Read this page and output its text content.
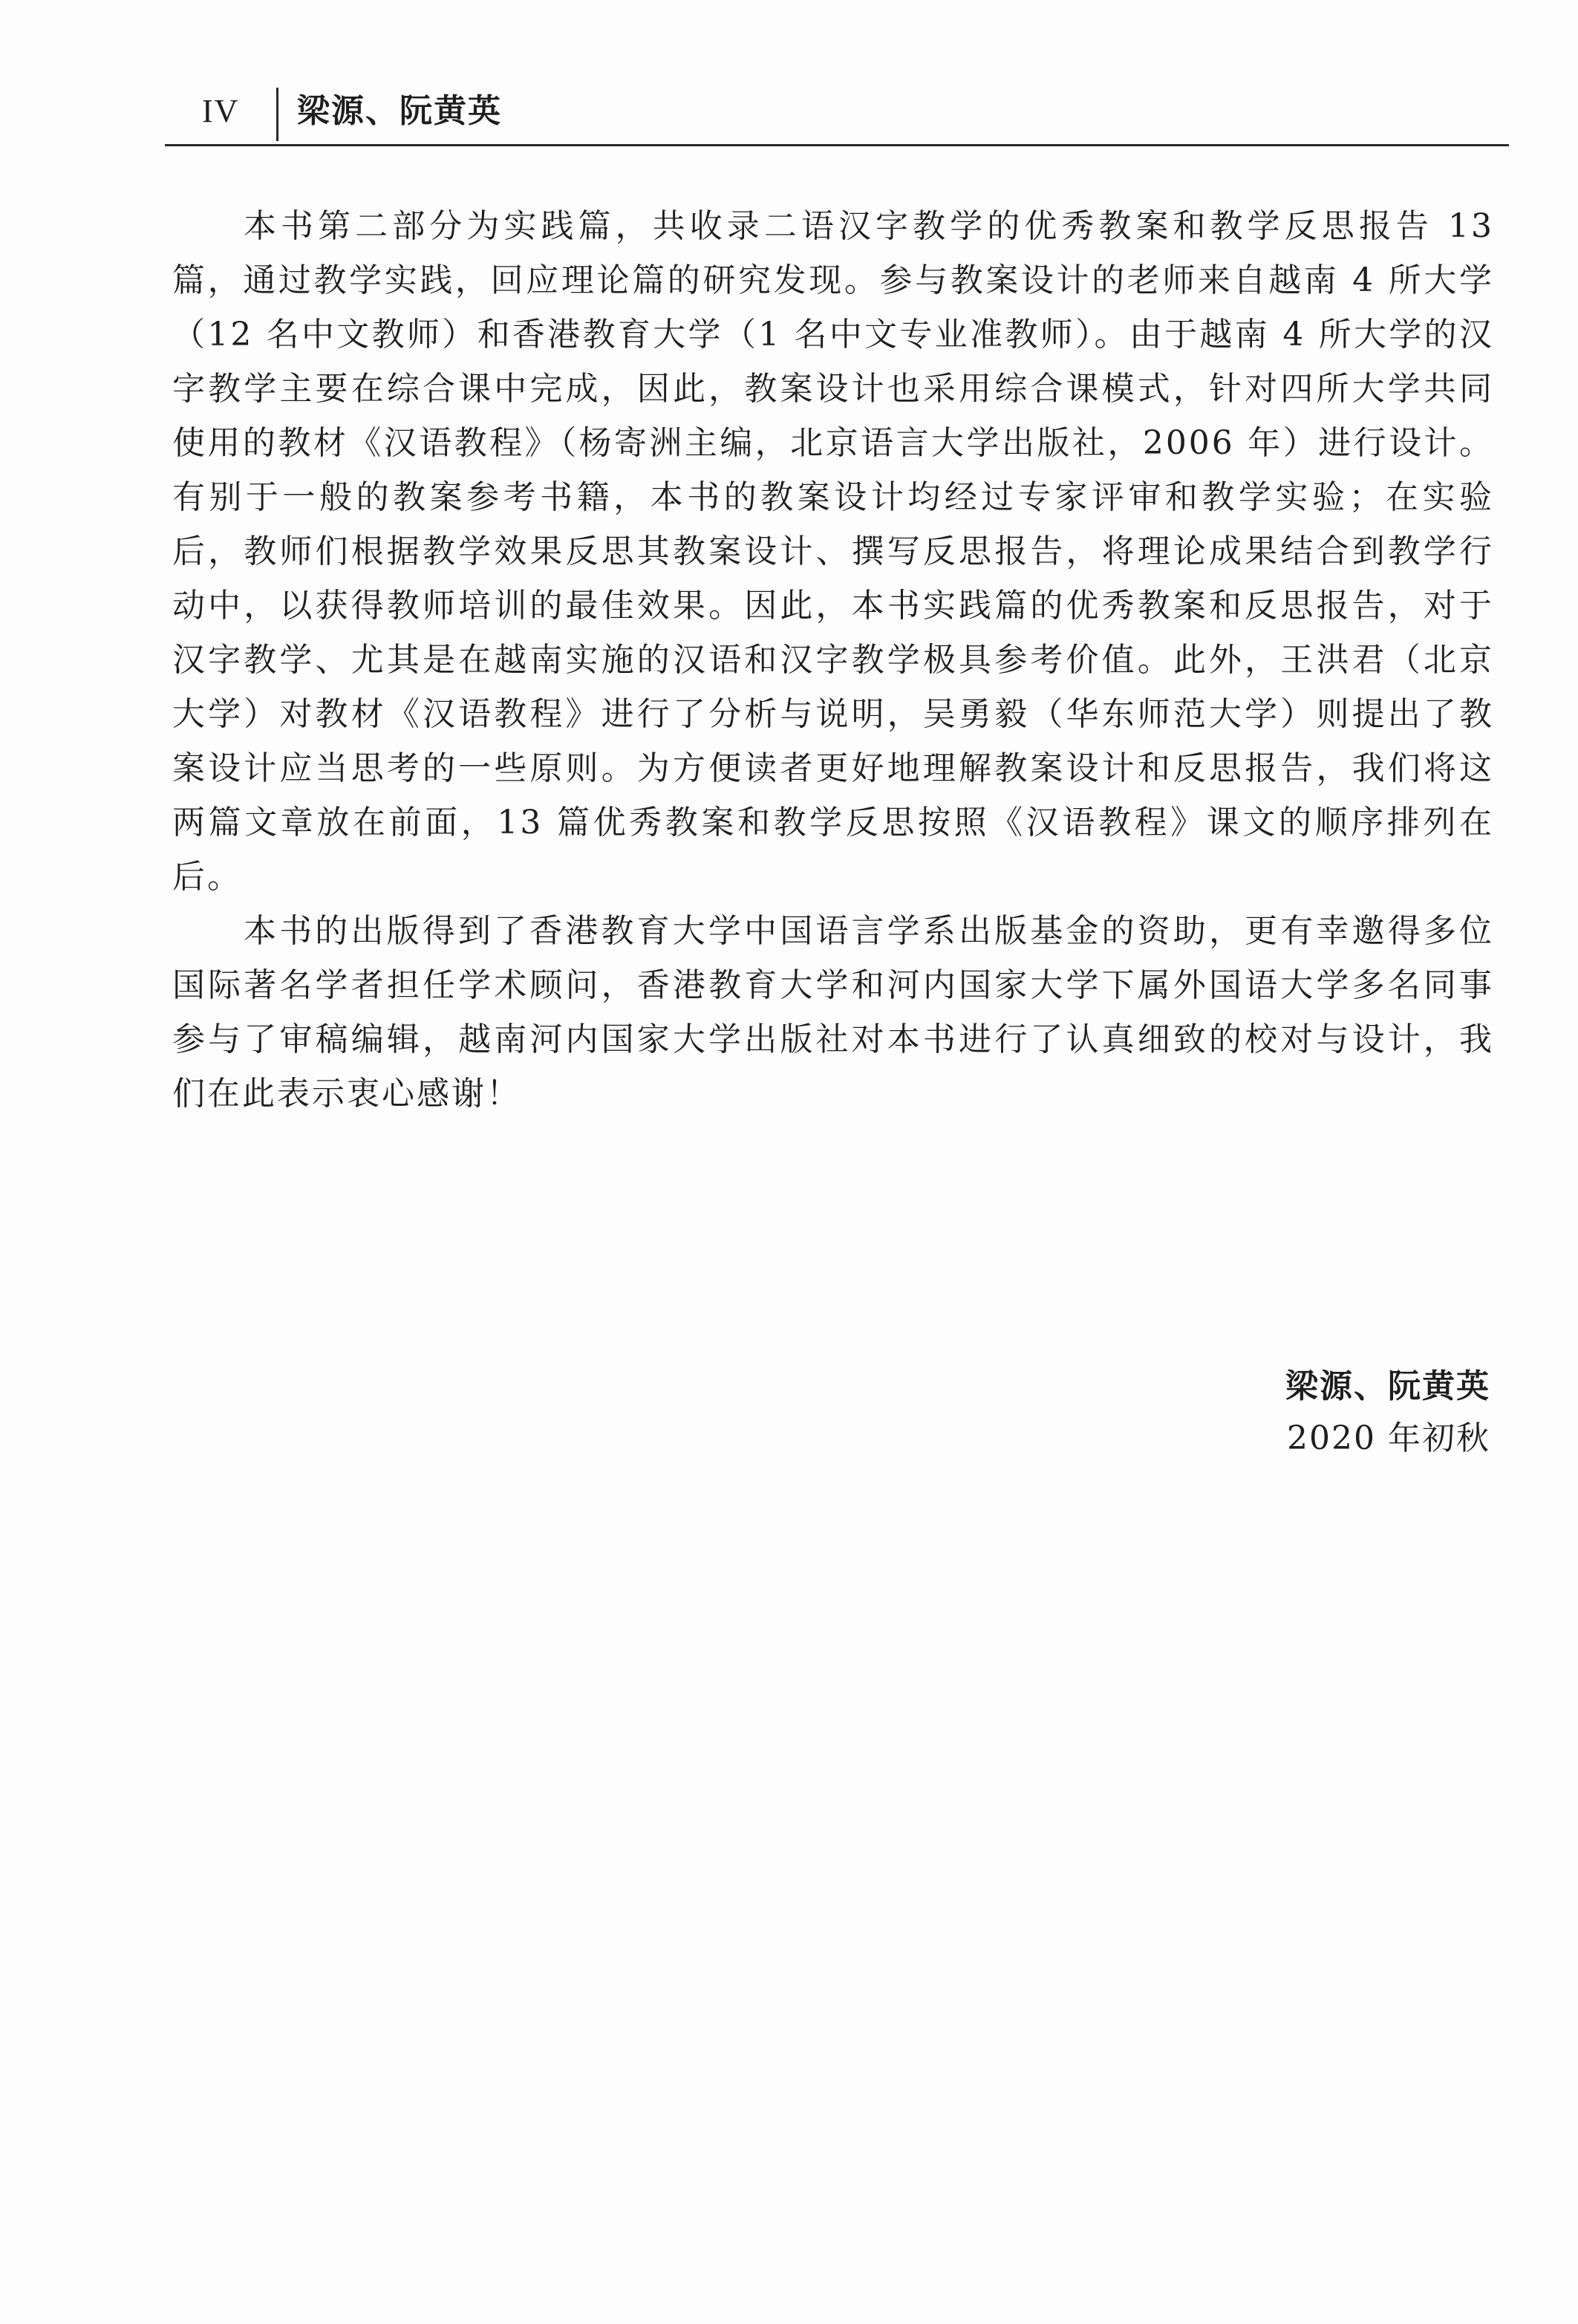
IV 梁源、阮黄英

本书第二部分为实践篇，共收录二语汉字教学的优秀教案和教学反思报告 13 篇，通过教学实践，回应理论篇的研究发现。参与教案设计的老师来自越南 4 所大学（12 名中文教师）和香港教育大学（1 名中文专业准教师）。由于越南 4 所大学的汉字教学主要在综合课中完成，因此，教案设计也采用综合课模式，针对四所大学共同使用的教材《汉语教程》（杨寄洲主编，北京语言大学出版社，2006 年）进行设计。有别于一般的教案参考书籍，本书的教案设计均经过专家评审和教学实验；在实验后，教师们根据教学效果反思其教案设计、撰写反思报告，将理论成果结合到教学行动中，以获得教师培训的最佳效果。因此，本书实践篇的优秀教案和反思报告，对于汉字教学、尤其是在越南实施的汉语和汉字教学极具参考价值。此外，王洪君（北京大学）对教材《汉语教程》进行了分析与说明，吴勇毅（华东师范大学）则提出了教案设计应当思考的一些原则。为方便读者更好地理解教案设计和反思报告，我们将这两篇文章放在前面，13 篇优秀教案和教学反思按照《汉语教程》课文的顺序排列在后。

本书的出版得到了香港教育大学中国语言学系出版基金的资助，更有幸邀得多位国际著名学者担任学术顾问，香港教育大学和河内国家大学下属外国语大学多名同事参与了审稿编辑，越南河内国家大学出版社对本书进行了认真细致的校对与设计，我们在此表示衷心感谢！

梁源、阮黄英
2020 年初秋
